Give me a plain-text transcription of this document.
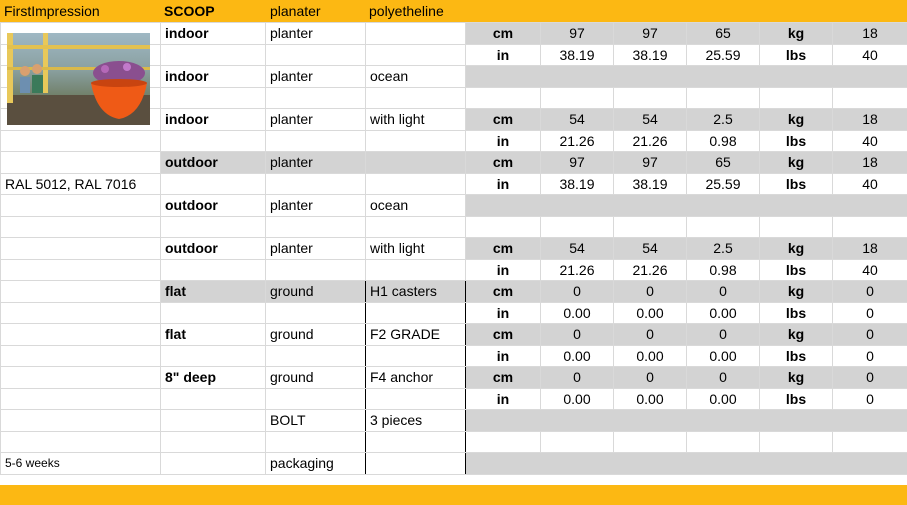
FirstImpression	SCOOP	planater	polyetheline
	indoor	planter		cm	97	97	65	kg	18
				in	38.19	38.19	25.59	lbs	40
	indoor	planter	ocean						

	indoor	planter	with light	cm	54	54	2.5	kg	18
				in	21.26	21.26	0.98	lbs	40
	outdoor	planter		cm	97	97	65	kg	18
RAL 5012, RAL 7016				in	38.19	38.19	25.59	lbs	40
	outdoor	planter	ocean						

	outdoor	planter	with light	cm	54	54	2.5	kg	18
				in	21.26	21.26	0.98	lbs	40
	flat	ground	H1 casters	cm	0	0	0	kg	0
				in	0.00	0.00	0.00	lbs	0
	flat	ground	F2 GRADE	cm	0	0	0	kg	0
				in	0.00	0.00	0.00	lbs	0
	8" deep	ground	F4 anchor	cm	0	0	0	kg	0
				in	0.00	0.00	0.00	lbs	0
		BOLT	3 pieces						

5-6 weeks		packaging							
